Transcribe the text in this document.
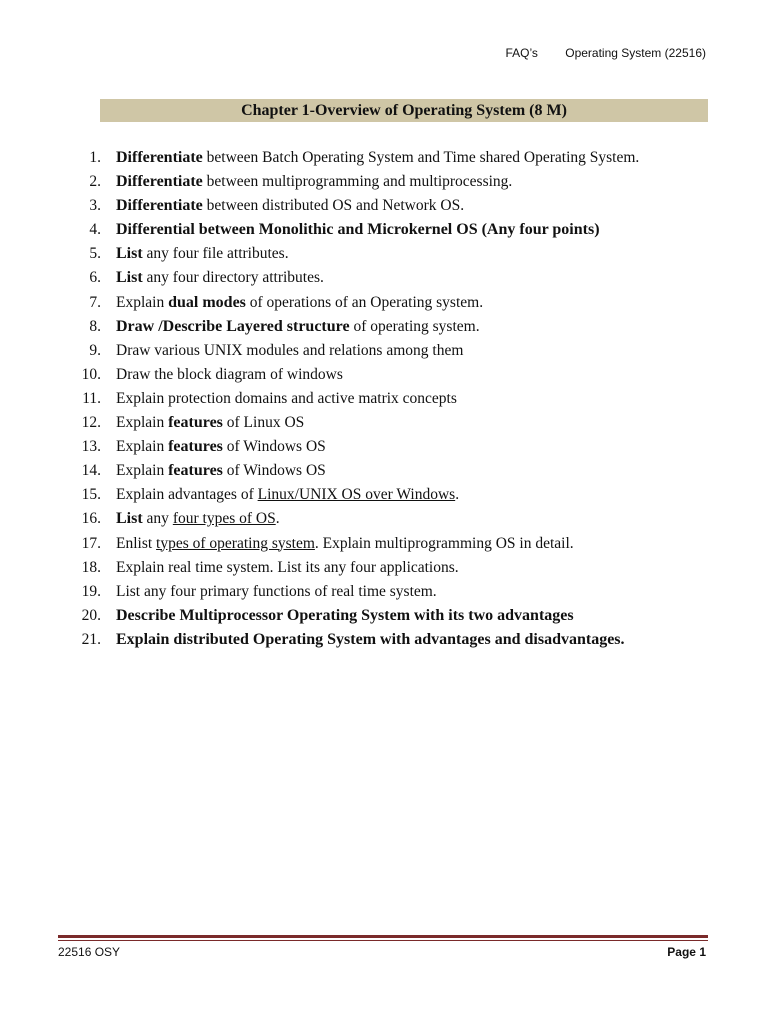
FAQ’s Operating System (22516)
Chapter 1-Overview of Operating System (8 M)
1. Differentiate between Batch Operating System and Time shared Operating System.
2. Differentiate between multiprogramming and multiprocessing.
3. Differentiate between distributed OS and Network OS.
4. Differential between Monolithic and Microkernel OS (Any four points)
5. List any four file attributes.
6. List any four directory attributes.
7. Explain dual modes of operations of an Operating system.
8. Draw /Describe Layered structure of operating system.
9. Draw various UNIX modules and relations among them
10. Draw the block diagram of windows
11. Explain protection domains and active matrix concepts
12. Explain features of Linux OS
13. Explain features of Windows OS
14. Explain features of Windows OS
15. Explain advantages of Linux/UNIX OS over Windows.
16. List any four types of OS.
17. Enlist types of operating system. Explain multiprogramming OS in detail.
18. Explain real time system. List its any four applications.
19. List any four primary functions of real time system.
20. Describe Multiprocessor Operating System with its two advantages
21. Explain distributed Operating System with advantages and disadvantages.
22516 OSY	Page 1
